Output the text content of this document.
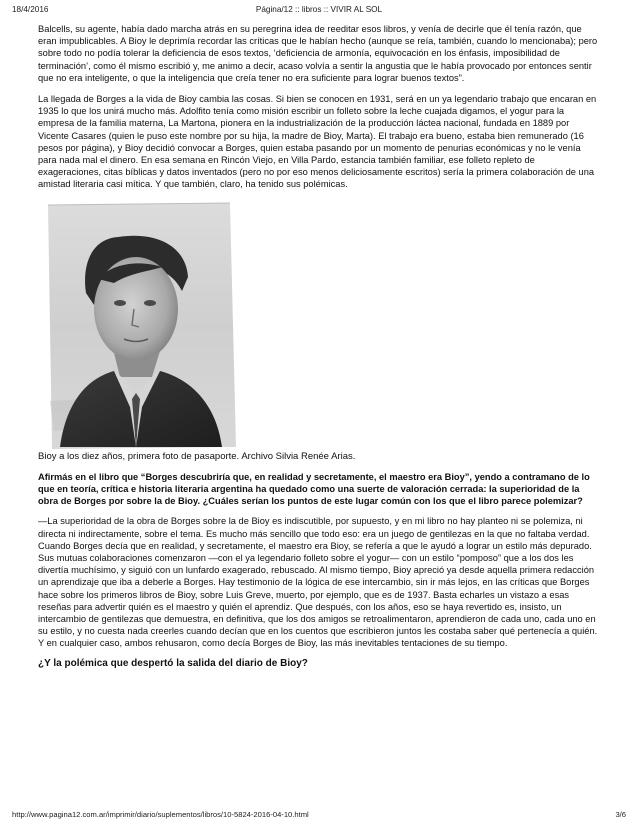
18/4/2016	Página/12 :: libros :: VIVIR AL SOL

Balcells, su agente, había dado marcha atrás en su peregrina idea de reeditar esos libros, y venía de decirle que él tenía razón, que eran impublicables. A Bioy le deprimía recordar las críticas que le habían hecho (aunque se reía, también, cuando lo mencionaba); pero sobre todo no podía tolerar la deficiencia de esos textos, ‘deficiencia de armonía, equivocación en los énfasis, imposibilidad de terminación’, como él mismo escribió y, me animo a decir, acaso volvía a sentir la angustia que le había provocado por entonces sentir que no era inteligente, o que la inteligencia que creía tener no era suficiente para lograr buenos textos”.

La llegada de Borges a la vida de Bioy cambia las cosas. Si bien se conocen en 1931, será en un ya legendario trabajo que encaran en 1935 lo que los unirá mucho más. Adolfito tenía como misión escribir un folleto sobre la leche cuajada digamos, el yogur para la empresa de la familia materna, La Martona, pionera en la industrialización de la producción láctea nacional, fundada en 1889 por Vicente Casares (quien le puso este nombre por su hija, la madre de Bioy, Marta). El trabajo era bueno, estaba bien remunerado (16 pesos por página), y Bioy decidió convocar a Borges, quien estaba pasando por un momento de penurias económicas y no le venía para nada mal el dinero. En esa semana en Rincón Viejo, en Villa Pardo, estancia también familiar, ese folleto repleto de exageraciones, citas bíblicas y datos inventados (pero no por eso menos deliciosamente escritos) sería la primera colaboración de una amistad literaria casi mítica. Y que también, claro, ha tenido sus polémicas.

Bioy a los diez años, primera foto de pasaporte. Archivo Silvia Renée Arias.

Afirmás en el libro que “Borges descubriría que, en realidad y secretamente, el maestro era Bioy”, yendo a contramano de lo que en teoría, crítica e historia literaria argentina ha quedado como una suerte de valoración cerrada: la superioridad de la obra de Borges por sobre la de Bioy. ¿Cuáles serían los puntos de este lugar común con los que el libro parece polemizar?

—La superioridad de la obra de Borges sobre la de Bioy es indiscutible, por supuesto, y en mi libro no hay planteo ni se polemiza, ni directa ni indirectamente, sobre el tema. Es mucho más sencillo que todo eso: era un juego de gentilezas en la que no faltaba verdad. Cuando Borges decía que en realidad, y secretamente, el maestro era Bioy, se refería a que le ayudó a lograr un estilo más depurado. Sus mutuas colaboraciones comenzaron —con el ya legendario folleto sobre el yogur— con un estilo “pomposo” que a los dos les divertía muchísimo, y siguió con un lunfardo exagerado, rebuscado. Al mismo tiempo, Bioy apreció ya desde aquella primera redacción un aprendizaje que iba a deberle a Borges. Hay testimonio de la lógica de ese intercambio, sin ir más lejos, en las críticas que Borges hace sobre los primeros libros de Bioy, sobre Luis Greve, muerto, por ejemplo, que es de 1937. Basta echarles un vistazo a esas reseñas para advertir quién es el maestro y quién el aprendiz. Que después, con los años, eso se haya revertido es, insisto, un intercambio de gentilezas que demuestra, en definitiva, que los dos amigos se retroalimentaron, aprendieron de cada uno, cada uno en su estilo, y no cuesta nada creerles cuando decían que en los cuentos que escribieron juntos les costaba saber qué pertenecía a quién. Y en cualquier caso, ambos rehusaron, como decía Borges de Bioy, las más inevitables tentaciones de su tiempo.

¿Y la polémica que despertó la salida del diario de Bioy?

http://www.pagina12.com.ar/imprimir/diario/suplementos/libros/10-5824-2016-04-10.html	3/6
